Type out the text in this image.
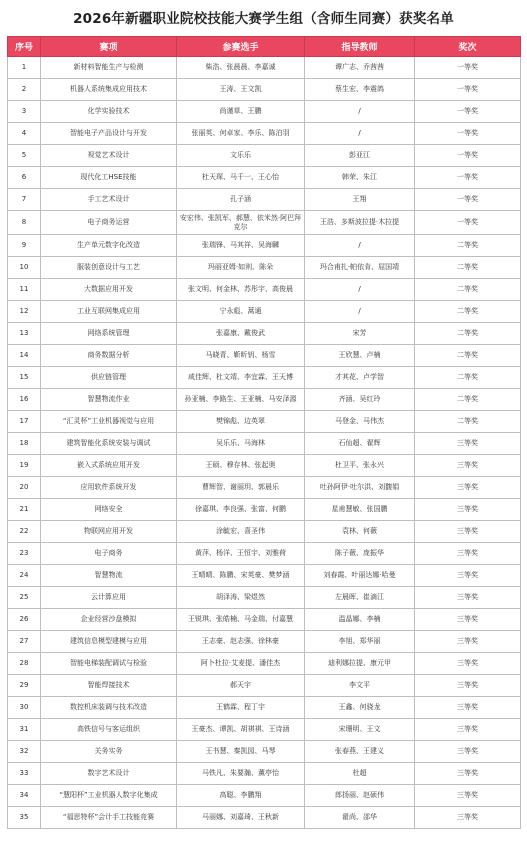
2026年新疆职业院校技能大赛学生组（含师生同赛）获奖名单
序号	赛项	参赛选手	指导教师	奖次
1	新材料智能生产与检测	柴浩、张晨晨、李嘉诚	谭广志、乔茜茜	一等奖
2	机器人系统集成应用技术	王涛、王文凯	蔡生宏、李震鸽	一等奖
3	化学实验技术	尚谨草、王鹏	/	一等奖
4	智能电子产品设计与开发	张丽英、何卓家、李乐、陈泊羽	/	一等奖
5	视觉艺术设计	文乐乐	彭亚江	一等奖
6	现代化工HSE技能	杜天琛、马千一、王心怡	韩荣、朱江	一等奖
7	手工艺术设计	孔子涵	王翔	一等奖
8	电子商务运营	安宏伟、张凯军、郝慧、依米然·阿巴拜克尔	王浩、多斯波拉提·木拉提	一等奖
9	生产单元数字化改造	张瑞锋、马其祥、吴海麟	/	二等奖
10	服装创意设计与工艺	玛丽亚姆·如则、陈朵	玛合甫扎·帕依肯、屈国靖	二等奖
11	大数据应用开发	张文明、何金林、苏彤宇、高俊晨	/	二等奖
12	工业互联网集成应用	宁永彪、蒿通	/	二等奖
13	网络系统管理	张嘉康、戴俊武	宋芳	二等奖
14	商务数据分析	马晓青、靳昕钥、杨雪	王欣慧、卢楠	二等奖
15	供应链管理	咸佳辉、杜文靖、李宜霖、王天博	才其花、卢学智	二等奖
16	智慧物流作业	孙亚楠、李路生、王亚楠、马安泽源	齐涵、吴红玲	二等奖
17	“汇灵杯”工业机器视觉与应用	樊锦彪、边英翠	马登金、马伟杰	二等奖
18	建筑智能化系统安装与调试	吴乐乐、马海林	石仙超、翟辉	三等奖
19	嵌入式系统应用开发	王硕、穆存林、张起奥	杜卫平、张永兴	三等奖
20	应用软件系统开发	曹辉智、谢丽玥、郭晨乐	吐孙阿伊·吐尔洪、刘馥娟	三等奖
21	网络安全	徐嘉琪、李良强、张富、何鹏	星甫慧敏、张国鹏	三等奖
22	物联网应用开发	涂毓宏、喜圣伟	袁林、何薇	三等奖
23	电子商务	黄萍、杨洋、王恒宇、刘雅荷	陈子薇、庞振华	三等奖
24	智慧物流	王晴晴、陈鹏、宋英豪、樊梦涵	刘春霞、叶丽达娜·哈曼	三等奖
25	云计算应用	胡泽涛、梁煜然	左晨晖、崔滴江	三等奖
26	企业经营沙盘模拟	王锐琪、张皓楠、马金瑞、付嘉慧	温晶娜、李楠	三等奖
27	建筑信息模型建模与应用	王志豪、赵志强、徐林豪	李旭、郑华丽	三等奖
28	智能电梯装配调试与检验	阿卜杜拉·艾麦提、潘佳杰	迪利娜拉提、康元甲	三等奖
29	智能焊接技术	郝天宇	李文平	三等奖
30	数控机床装调与技术改造	王鹤霖、程丁宇	王鑫、何骁龙	三等奖
31	高铁信号与客运组织	王豪杰、谭凯、胡祺祺、王诗涵	宋珊明、王文	三等奖
32	关务实务	王书慧、秦凯园、马琴	张春燕、王建义	三等奖
33	数字艺术设计	马铁凡、朱要瀚、薰亭怡	杜超	三等奖
34	“慧阳杯”工业机器人数字化集成	高聪、李鹏翔	郎扬丽、赵硕伟	三等奖
35	“福思特杯”会计手工技能竞赛	马丽娜、刘嘉琦、王秋新	翟尚、邵华	三等奖
